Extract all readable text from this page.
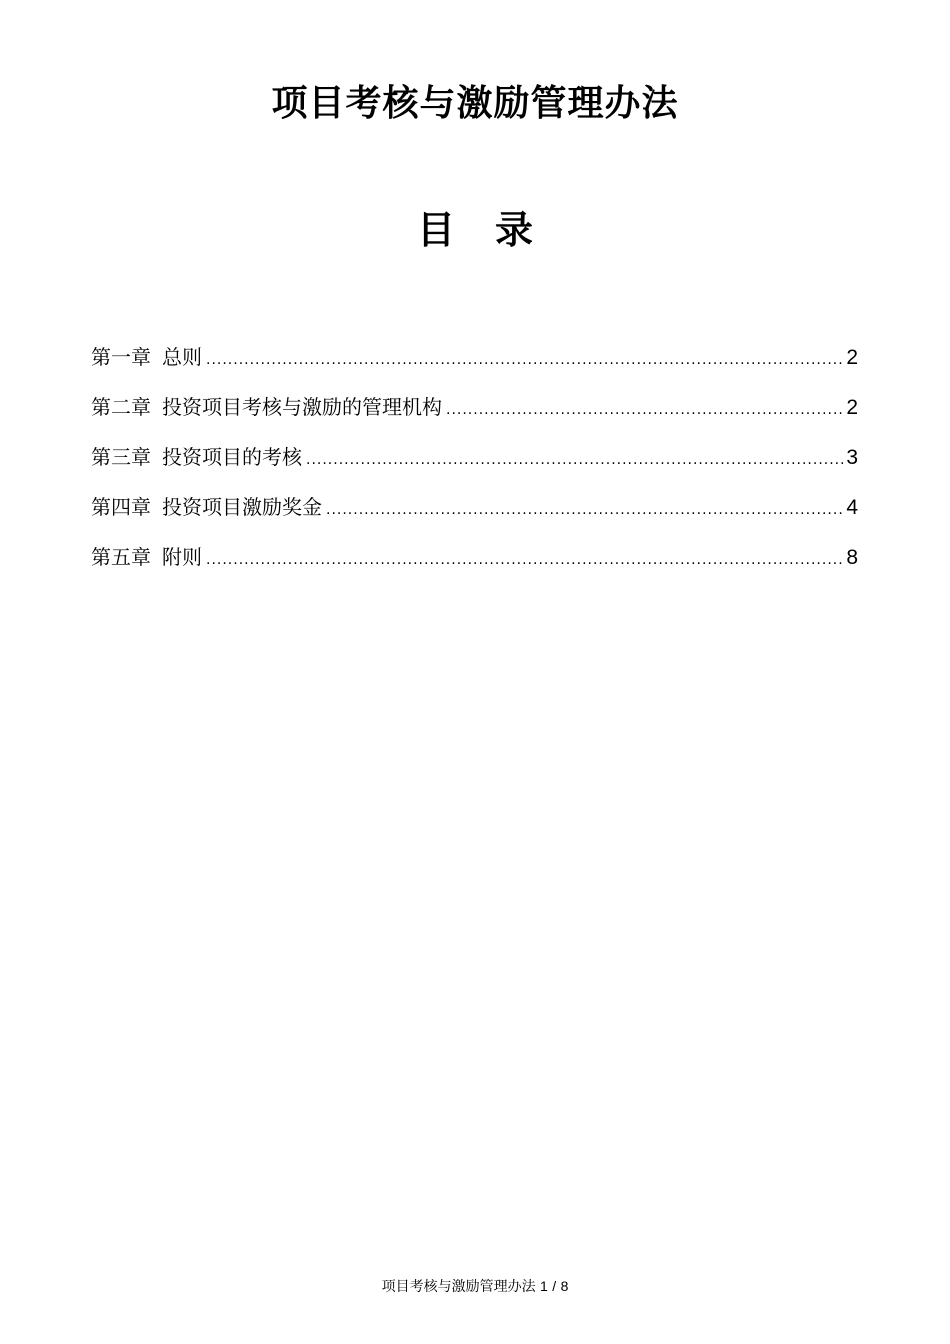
项目考核与激励管理办法
目 录
第一章 总则 .....	2
第二章 投资项目考核与激励的管理机构 .....	2
第三章 投资项目的考核 .....	3
第四章 投资项目激励奖金 .....	4
第五章 附则 .....	8
项目考核与激励管理办法 1 / 8
